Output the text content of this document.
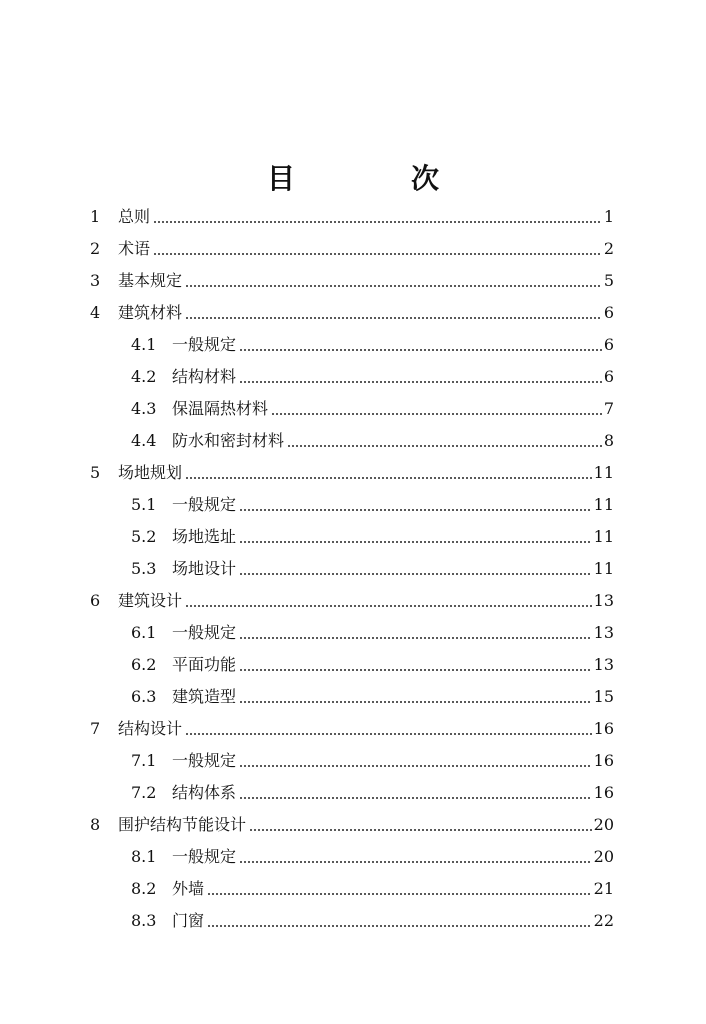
目　次
1	总则	1
2	术语	2
3	基本规定	5
4	建筑材料	6
4.1 一般规定	6
4.2 结构材料	6
4.3 保温隔热材料	7
4.4 防水和密封材料	8
5	场地规划	11
5.1 一般规定	11
5.2 场地选址	11
5.3 场地设计	11
6	建筑设计	13
6.1 一般规定	13
6.2 平面功能	13
6.3 建筑造型	15
7	结构设计	16
7.1 一般规定	16
7.2 结构体系	16
8	围护结构节能设计	20
8.1 一般规定	20
8.2 外墙	21
8.3 门窗	22
